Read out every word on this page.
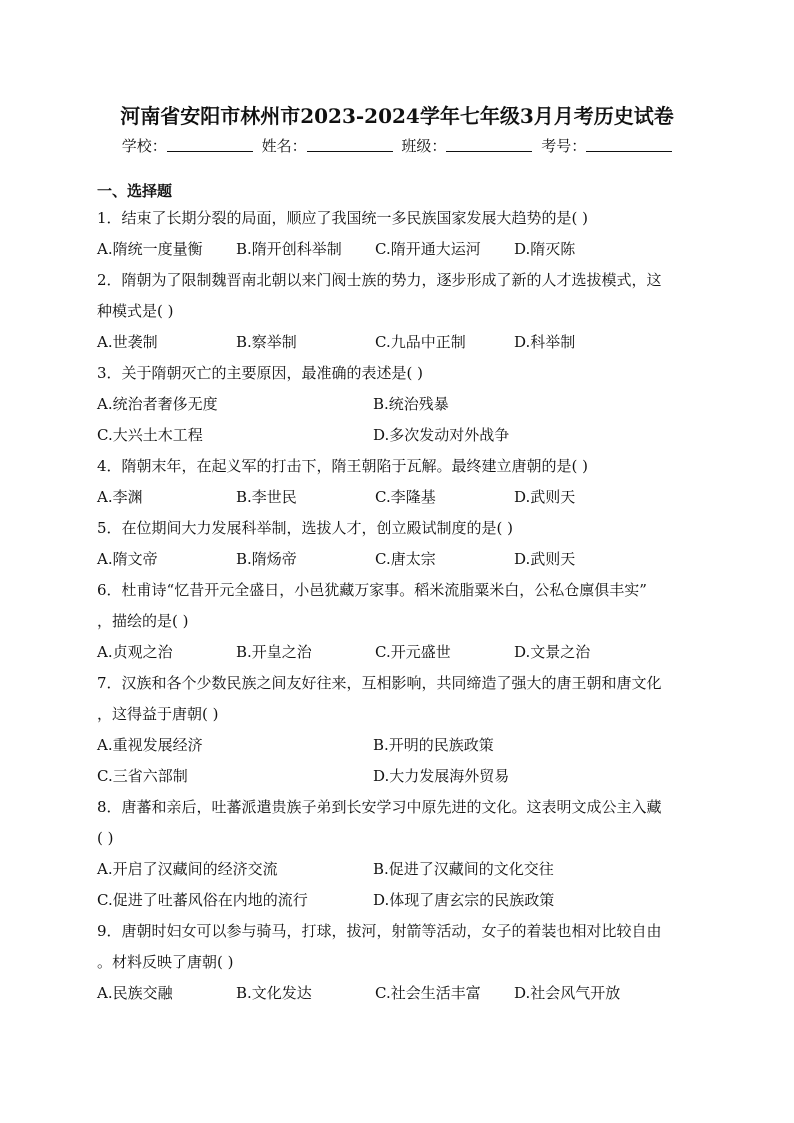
河南省安阳市林州市2023-2024学年七年级3月月考历史试卷
学校：	姓名：	班级：	考号：
一、选择题
1．结束了长期分裂的局面，顺应了我国统一多民族国家发展大趋势的是( )
A.隋统一度量衡	B.隋开创科举制	C.隋开通大运河	D.隋灭陈
2．隋朝为了限制魏晋南北朝以来门阀士族的势力，逐步形成了新的人才选拔模式，这
种模式是( )
A.世袭制	B.察举制	C.九品中正制	D.科举制
3．关于隋朝灭亡的主要原因，最准确的表述是( )
A.统治者奢侈无度	B.统治残暴
C.大兴土木工程	D.多次发动对外战争
4．隋朝末年，在起义军的打击下，隋王朝陷于瓦解。最终建立唐朝的是( )
A.李渊	B.李世民	C.李隆基	D.武则天
5．在位期间大力发展科举制，选拔人才，创立殿试制度的是( )
A.隋文帝	B.隋炀帝	C.唐太宗	D.武则天
6．杜甫诗“忆昔开元全盛日，小邑犹藏万家事。稻米流脂粟米白，公私仓廪俱丰实”
，描绘的是( )
A.贞观之治	B.开皇之治	C.开元盛世	D.文景之治
7．汉族和各个少数民族之间友好往来，互相影响，共同缔造了强大的唐王朝和唐文化
，这得益于唐朝( )
A.重视发展经济	B.开明的民族政策
C.三省六部制	D.大力发展海外贸易
8．唐蕃和亲后，吐蕃派遣贵族子弟到长安学习中原先进的文化。这表明文成公主入藏
( )
A.开启了汉藏间的经济交流	B.促进了汉藏间的文化交往
C.促进了吐蕃风俗在内地的流行	D.体现了唐玄宗的民族政策
9．唐朝时妇女可以参与骑马，打球，拔河，射箭等活动，女子的着装也相对比较自由
。材料反映了唐朝( )
A.民族交融	B.文化发达	C.社会生活丰富	D.社会风气开放
